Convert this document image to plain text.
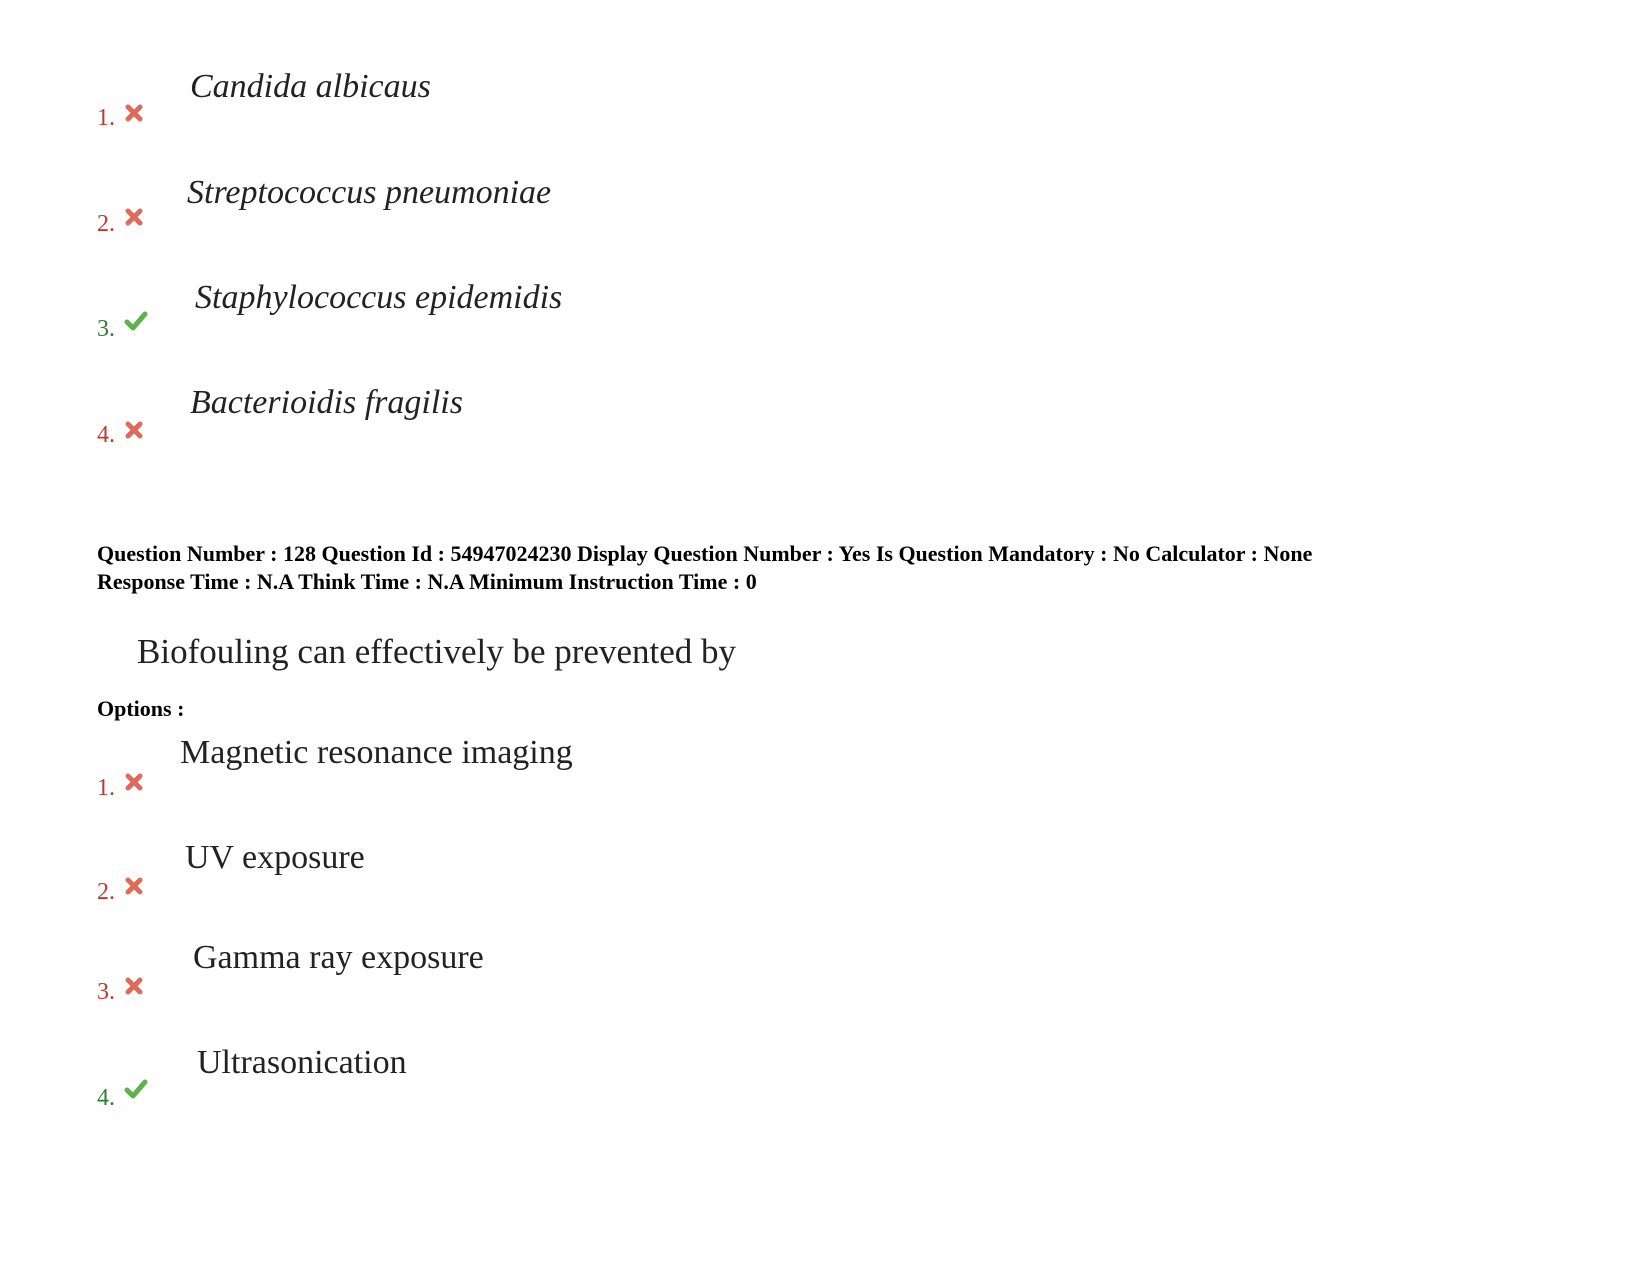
1.
Candida albicaus
2.
Streptococcus pneumoniae
3.
Staphylococcus epidemidis
4.
Bacterioidis fragilis
Question Number : 128 Question Id : 54947024230 Display Question Number : Yes Is Question Mandatory : No Calculator : None
Response Time : N.A Think Time : N.A Minimum Instruction Time : 0
Biofouling can effectively be prevented by
Options :
1.
Magnetic resonance imaging
2.
UV exposure
3.
Gamma ray exposure
4.
Ultrasonication
